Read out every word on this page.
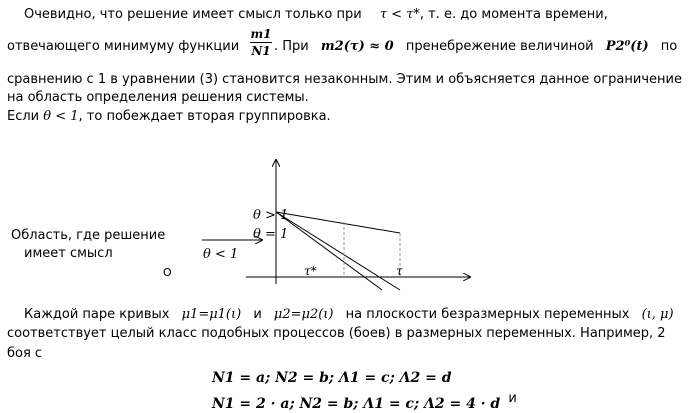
Очевидно, что решение имеет смысл только при τ < τ*, т. е. до момента времени,
отвечающего минимуму функции
m1
N1 . При m2(τ) ≈ 0 пренебрежение величиной P2⁰(t) по
сравнению с 1 в уравнении (3) становится незаконным. Этим и объясняется данное ограничение
на область определения решения системы.
Если θ < 1, то побеждает вторая группировка.
Область, где решение
имеет смысл
θ > 1
θ = 1
θ < 1
O	τ*	τ
Каждой паре кривых μ1=μ1(ι) и μ2=μ2(ι) на плоскости безразмерных переменных (ι, μ)
соответствует целый класс подобных процессов (боев) в размерных переменных. Например, 2
боя с
N1 = a; N2 = b; Λ1 = c; Λ2 = d
N1 = 2 · a; N2 = b; Λ1 = c; Λ2 = 4 · d и
